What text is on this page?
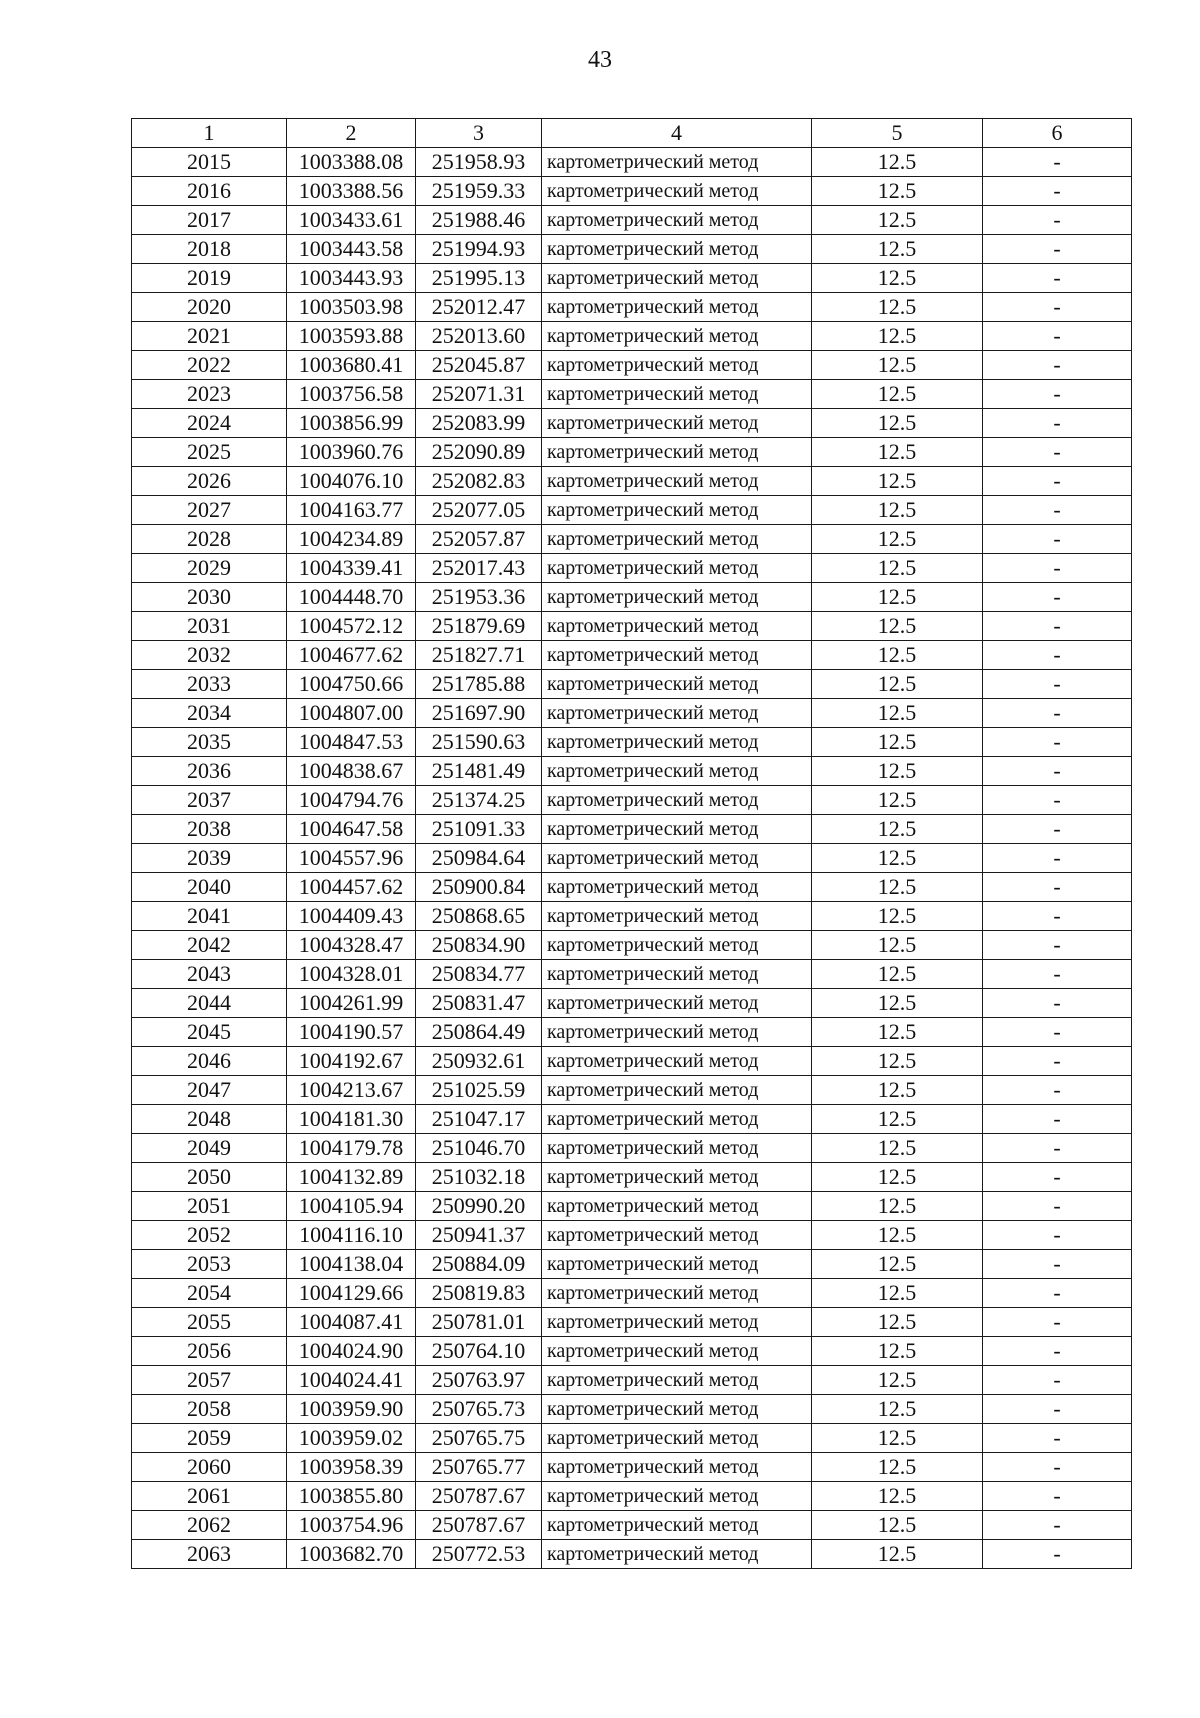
43
1	2	3	4	5	6
2015	1003388.08	251958.93	картометрический метод	12.5	-
2016	1003388.56	251959.33	картометрический метод	12.5	-
2017	1003433.61	251988.46	картометрический метод	12.5	-
2018	1003443.58	251994.93	картометрический метод	12.5	-
2019	1003443.93	251995.13	картометрический метод	12.5	-
2020	1003503.98	252012.47	картометрический метод	12.5	-
2021	1003593.88	252013.60	картометрический метод	12.5	-
2022	1003680.41	252045.87	картометрический метод	12.5	-
2023	1003756.58	252071.31	картометрический метод	12.5	-
2024	1003856.99	252083.99	картометрический метод	12.5	-
2025	1003960.76	252090.89	картометрический метод	12.5	-
2026	1004076.10	252082.83	картометрический метод	12.5	-
2027	1004163.77	252077.05	картометрический метод	12.5	-
2028	1004234.89	252057.87	картометрический метод	12.5	-
2029	1004339.41	252017.43	картометрический метод	12.5	-
2030	1004448.70	251953.36	картометрический метод	12.5	-
2031	1004572.12	251879.69	картометрический метод	12.5	-
2032	1004677.62	251827.71	картометрический метод	12.5	-
2033	1004750.66	251785.88	картометрический метод	12.5	-
2034	1004807.00	251697.90	картометрический метод	12.5	-
2035	1004847.53	251590.63	картометрический метод	12.5	-
2036	1004838.67	251481.49	картометрический метод	12.5	-
2037	1004794.76	251374.25	картометрический метод	12.5	-
2038	1004647.58	251091.33	картометрический метод	12.5	-
2039	1004557.96	250984.64	картометрический метод	12.5	-
2040	1004457.62	250900.84	картометрический метод	12.5	-
2041	1004409.43	250868.65	картометрический метод	12.5	-
2042	1004328.47	250834.90	картометрический метод	12.5	-
2043	1004328.01	250834.77	картометрический метод	12.5	-
2044	1004261.99	250831.47	картометрический метод	12.5	-
2045	1004190.57	250864.49	картометрический метод	12.5	-
2046	1004192.67	250932.61	картометрический метод	12.5	-
2047	1004213.67	251025.59	картометрический метод	12.5	-
2048	1004181.30	251047.17	картометрический метод	12.5	-
2049	1004179.78	251046.70	картометрический метод	12.5	-
2050	1004132.89	251032.18	картометрический метод	12.5	-
2051	1004105.94	250990.20	картометрический метод	12.5	-
2052	1004116.10	250941.37	картометрический метод	12.5	-
2053	1004138.04	250884.09	картометрический метод	12.5	-
2054	1004129.66	250819.83	картометрический метод	12.5	-
2055	1004087.41	250781.01	картометрический метод	12.5	-
2056	1004024.90	250764.10	картометрический метод	12.5	-
2057	1004024.41	250763.97	картометрический метод	12.5	-
2058	1003959.90	250765.73	картометрический метод	12.5	-
2059	1003959.02	250765.75	картометрический метод	12.5	-
2060	1003958.39	250765.77	картометрический метод	12.5	-
2061	1003855.80	250787.67	картометрический метод	12.5	-
2062	1003754.96	250787.67	картометрический метод	12.5	-
2063	1003682.70	250772.53	картометрический метод	12.5	-
